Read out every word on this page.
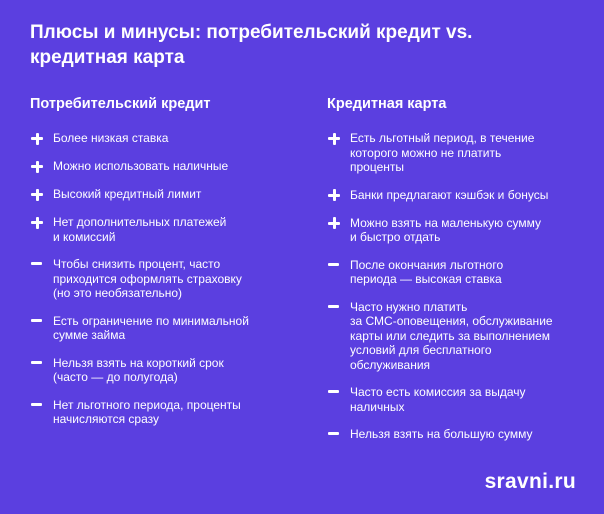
Плюсы и минусы: потребительский кредит vs. кредитная карта
Потребительский кредит
Более низкая ставка
Можно использовать наличные
Высокий кредитный лимит
Нет дополнительных платежей
и комиссий
Чтобы снизить процент, часто
приходится оформлять страховку
(но это необязательно)
Есть ограничение по минимальной
сумме займа
Нельзя взять на короткий срок
(часто — до полугода)
Нет льготного периода, проценты
начисляются сразу
Кредитная карта
Есть льготный период, в течение
которого можно не платить
проценты
Банки предлагают кэшбэк и бонусы
Можно взять на маленькую сумму
и быстро отдать
После окончания льготного
периода — высокая ставка
Часто нужно платить
за СМС-оповещения, обслуживание
карты или следить за выполнением
условий для бесплатного
обслуживания
Часто есть комиссия за выдачу
наличных
Нельзя взять на большую сумму
sravni.ru
